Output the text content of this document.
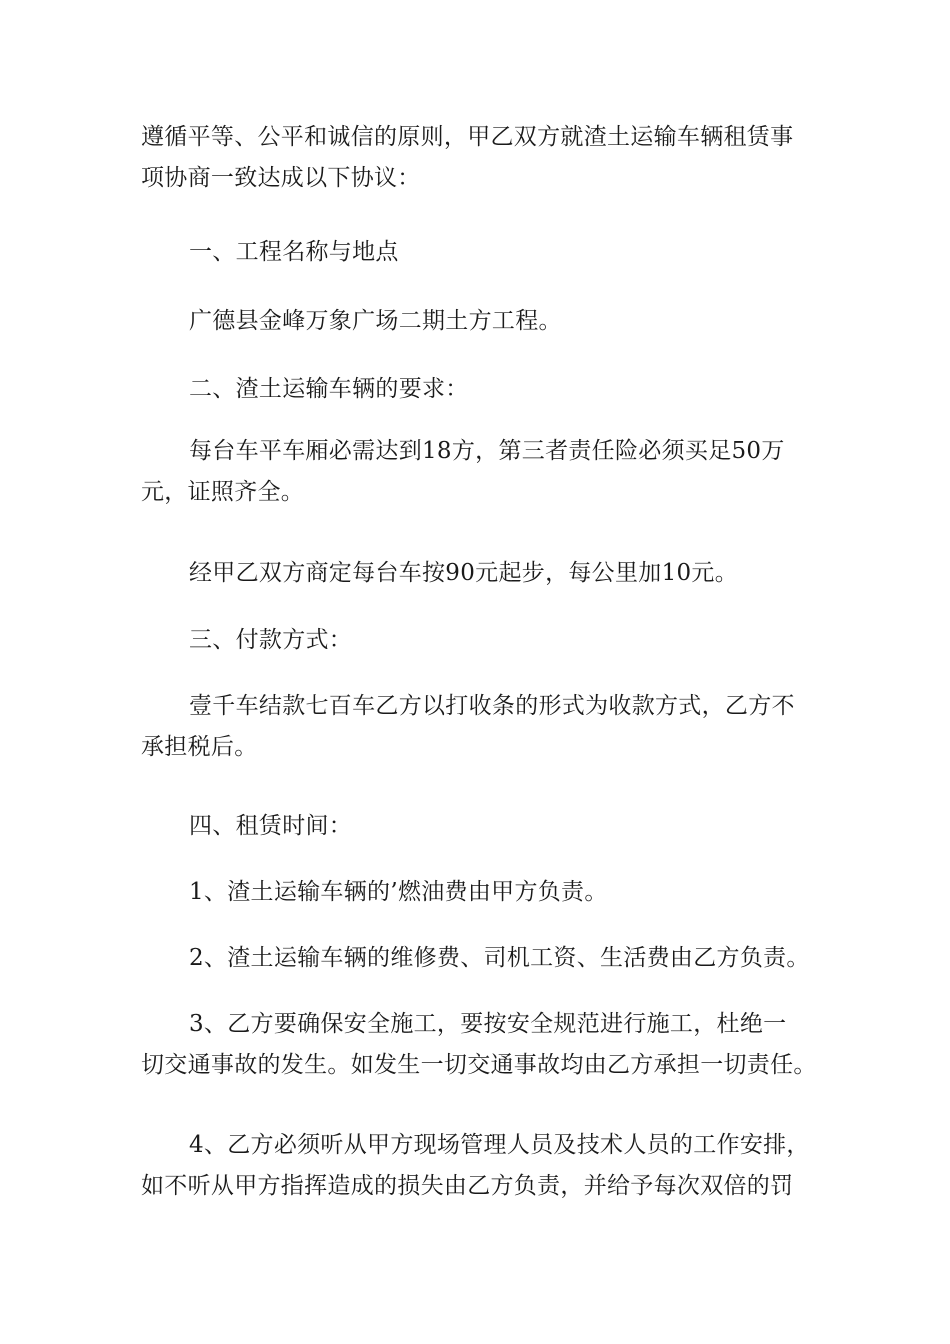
遵循平等、公平和诚信的原则，甲乙双方就渣土运输车辆租赁事
项协商一致达成以下协议：

一、工程名称与地点

广德县金峰万象广场二期土方工程。

二、渣土运输车辆的要求：

每台车平车厢必需达到18方，第三者责任险必须买足50万
元，证照齐全。

经甲乙双方商定每台车按90元起步，每公里加10元。

三、付款方式：

壹千车结款七百车乙方以打收条的形式为收款方式，乙方不
承担税后。

四、租赁时间：

1、渣土运输车辆的’燃油费由甲方负责。

2、渣土运输车辆的维修费、司机工资、生活费由乙方负责。

3、乙方要确保安全施工，要按安全规范进行施工，杜绝一
切交通事故的发生。如发生一切交通事故均由乙方承担一切责任。

4、乙方必须听从甲方现场管理人员及技术人员的工作安排，
如不听从甲方指挥造成的损失由乙方负责，并给予每次双倍的罚
